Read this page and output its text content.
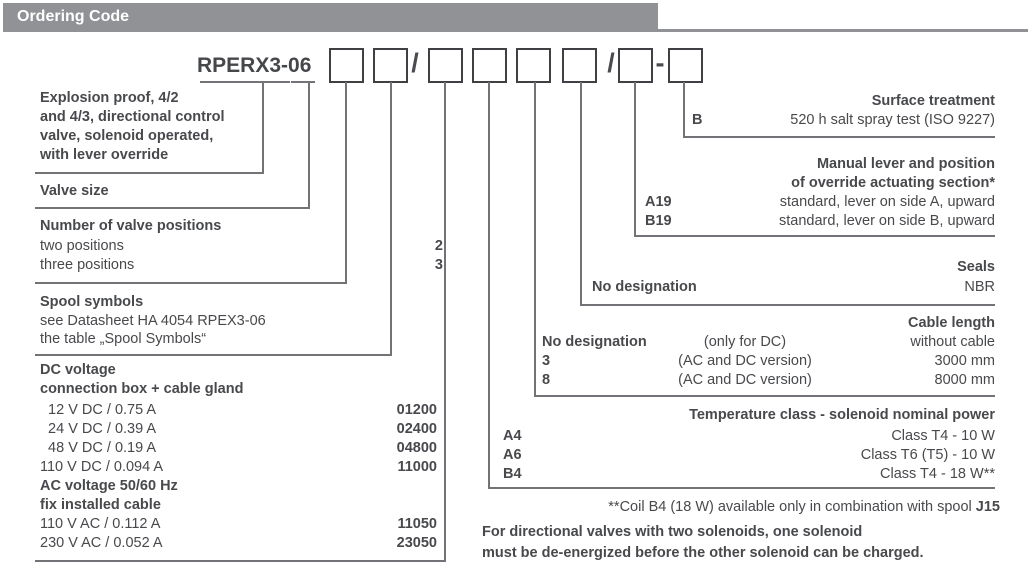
Ordering Code
RPERX3-06	/	/	-
Explosion proof, 4/2
and 4/3, directional control
valve, solenoid operated,
with lever override
Valve size
Number of valve positions
two positions	2
three positions	3
Spool symbols
see Datasheet HA 4054 RPEX3-06
the table „Spool Symbols“
DC voltage
connection box + cable gland
12 V DC / 0.75 A	01200
24 V DC / 0.39 A	02400
48 V DC / 0.19 A	04800
110 V DC / 0.094 A	11000
AC voltage 50/60 Hz
fix installed cable
110 V AC / 0.112 A	11050
230 V AC / 0.052 A	23050
Surface treatment
B	520 h salt spray test (ISO 9227)
Manual lever and position
of override actuating section*
A19	standard, lever on side A, upward
B19	standard, lever on side B, upward
Seals
No designation	NBR
Cable length
No designation	(only for DC)	without cable
3	(AC and DC version)	3000 mm
8	(AC and DC version)	8000 mm
Temperature class - solenoid nominal power
A4	Class T4 - 10 W
A6	Class T6 (T5) - 10 W
B4	Class T4 - 18 W**
**Coil B4 (18 W) available only in combination with spool J15
For directional valves with two solenoids, one solenoid
must be de-energized before the other solenoid can be charged.
